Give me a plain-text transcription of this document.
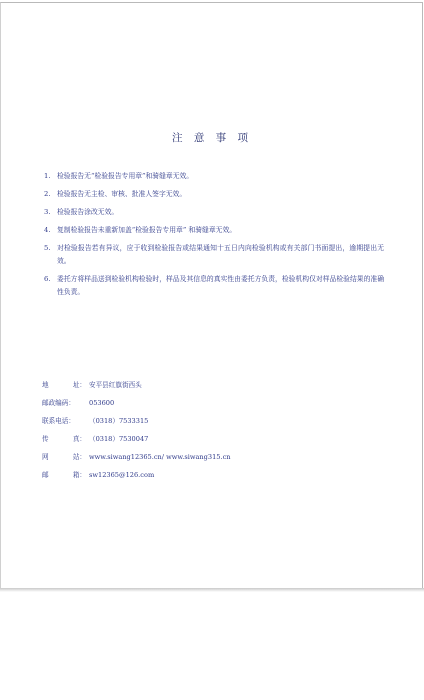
注 意 事 项
1. 检验报告无“检验报告专用章”和骑缝章无效。
2. 检验报告无主检、审核、批准人签字无效。
3. 检验报告涂改无效。
4. 复制检验报告未重新加盖“检验报告专用章” 和骑缝章无效。
5. 对检验报告若有异议，应于收到检验报告或结果通知十五日内向检验机构或有关部门书面提出，逾期提出无效。
6. 委托方将样品送到检验机构检验时，样品及其信息的真实性由委托方负责，检验机构仅对样品检验结果的准确性负责。
地	址： 安平县红旗街西头
邮政编码： 053600
联系电话： （0318）7533315
传	真： （0318）7530047
网	站： www.siwang12365.cn/ www.siwang315.cn
邮	箱： sw12365@126.com
